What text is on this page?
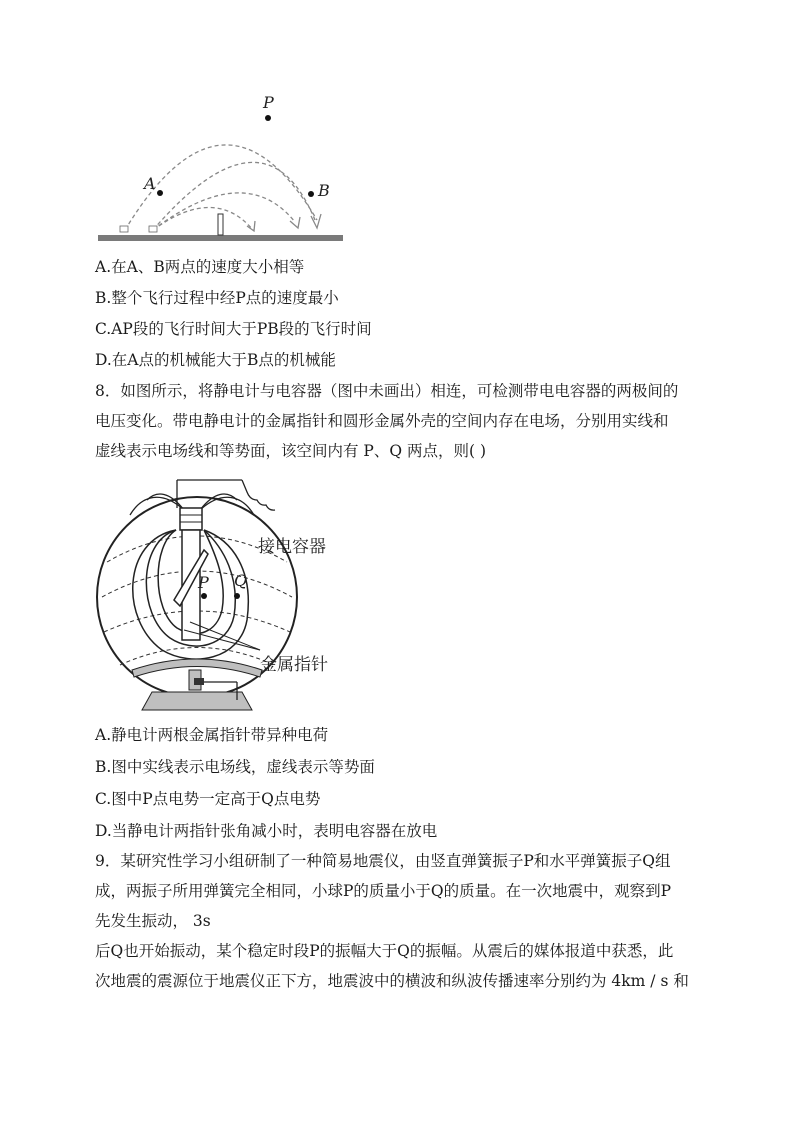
P
A	B
A.在A、B两点的速度大小相等
B.整个飞行过程中经P点的速度最小
C.AP段的飞行时间大于PB段的飞行时间
D.在A点的机械能大于B点的机械能
8．如图所示，将静电计与电容器（图中未画出）相连，可检测带电电容器的两极间的
电压变化。带电静电计的金属指针和圆形金属外壳的空间内存在电场，分别用实线和
虚线表示电场线和等势面，该空间内有 P、Q 两点，则( )
P Q
接电容器
金属指针
A.静电计两根金属指针带异种电荷
B.图中实线表示电场线，虚线表示等势面
C.图中P点电势一定高于Q点电势
D.当静电计两指针张角减小时，表明电容器在放电
9．某研究性学习小组研制了一种简易地震仪，由竖直弹簧振子P和水平弹簧振子Q组
成，两振子所用弹簧完全相同，小球P的质量小于Q的质量。在一次地震中，观察到P
先发生振动， 3s
后Q也开始振动，某个稳定时段P的振幅大于Q的振幅。从震后的媒体报道中获悉，此
次地震的震源位于地震仪正下方，地震波中的横波和纵波传播速率分别约为 4km / s 和
